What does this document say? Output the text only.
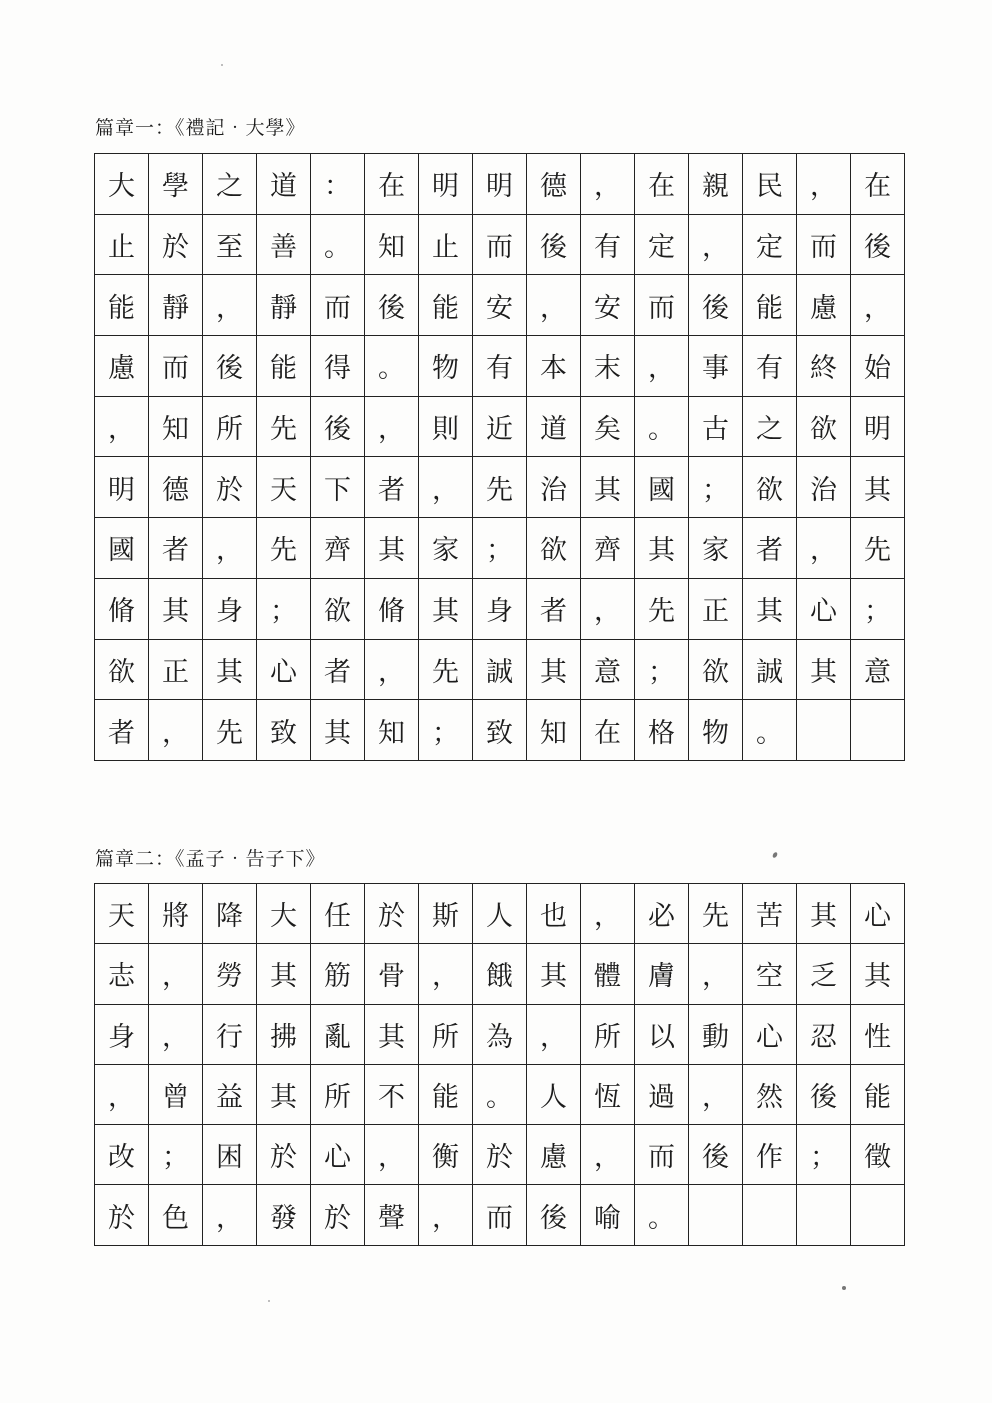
篇章一：《禮記‧大學》
大	學	之	道	：	在	明	明	德	，	在	親	民	，	在
止	於	至	善	。	知	止	而	後	有	定	，	定	而	後
能	靜	，	靜	而	後	能	安	，	安	而	後	能	慮	，
慮	而	後	能	得	。	物	有	本	末	，	事	有	終	始
，	知	所	先	後	，	則	近	道	矣	。	古	之	欲	明
明	德	於	天	下	者	，	先	治	其	國	；	欲	治	其
國	者	，	先	齊	其	家	；	欲	齊	其	家	者	，	先
脩	其	身	；	欲	脩	其	身	者	，	先	正	其	心	；
欲	正	其	心	者	，	先	誠	其	意	；	欲	誠	其	意
者	，	先	致	其	知	；	致	知	在	格	物	。		
篇章二：《孟子‧告子下》
天	將	降	大	任	於	斯	人	也	，	必	先	苦	其	心
志	，	勞	其	筋	骨	，	餓	其	體	膚	，	空	乏	其
身	，	行	拂	亂	其	所	為	，	所	以	動	心	忍	性
，	曾	益	其	所	不	能	。	人	恆	過	，	然	後	能
改	；	困	於	心	，	衡	於	慮	，	而	後	作	；	徵
於	色	，	發	於	聲	，	而	後	喻	。				
